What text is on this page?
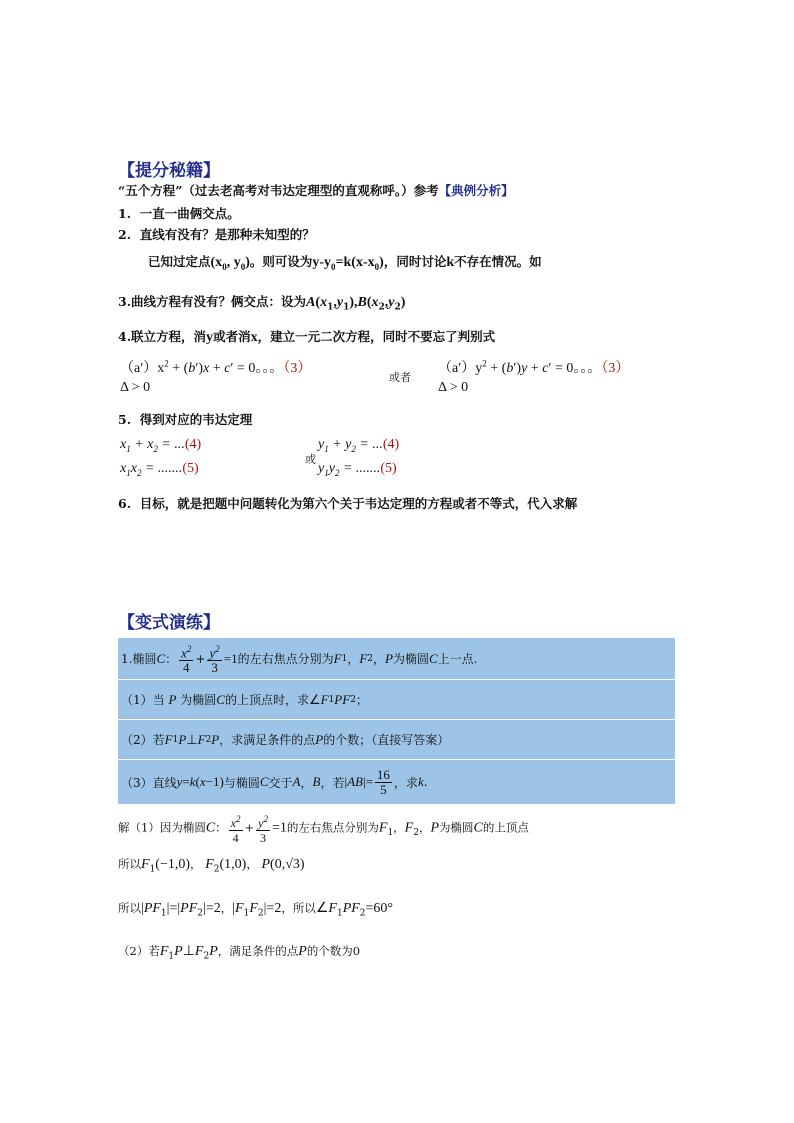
【提分秘籍】
“五个方程”（过去老高考对韦达定理型的直观称呼。）参考【典例分析】
1. 一直一曲俩交点。
2. 直线有没有？是那种未知型的？
已知过定点($x_0$, $y_0$)。则可设为$y-y_0=k(x-x_0)$，同时讨论k不存在情况。如
3.曲线方程有没有？俩交点：设为$A(x_1,y_1),B(x_2,y_2)$
4.联立方程，消y或者消x，建立一元二次方程，同时不要忘了判别式
$(a')x^2 + (b')x + c' = 0$。。。（3）
Δ > 0
或者
$(a')y^2 + (b')y + c' = 0$。。。（3）
Δ > 0
5. 得到对应的韦达定理
$x_1 + x_2 = ...(4)$
$x_1x_2 = .......(5)$
或
$y_1 + y_2 = ...(4)$
$y_1y_2 = .......(5)$
6. 目标，就是把题中问题转化为第六个关于韦达定理的方程或者不等式，代入求解
【变式演练】
1.椭圆 C ： $\frac{x^2}{4} + \frac{y^2}{3} =1$ 的左右焦点分别为 F 1 ， F 2 ， P 为椭圆 C 上一点.
（1）当
P
为椭圆 C 的上顶点时，求 ∠ F 1 PF 2 ；
（2）若 F 1 P ⊥ F 2 P ，求满足条件的点 P 的个数；（直接写答案）
（3）直线 y = k ( x −1) 与椭圆 C 交于 A ， B ，若 | AB |= $\frac{16}{5}$ ，求 k .
解（1）因为椭圆C： $\frac{x^2}{4} + \frac{y^2}{3} =1$的左右焦点分别为$F_1$，$F_2$，P为椭圆C的上顶点
所以$F_1(-1,0)$， $F_2(1,0)$， P(0,√3)
所以$|PF_1|=|PF_2|=2$，$|F_1F_2|=2$，所以$\angle F_1PF_2=60^\circ$
（2）若$F_1P\perp F_2P$，满足条件的点P的个数为0
